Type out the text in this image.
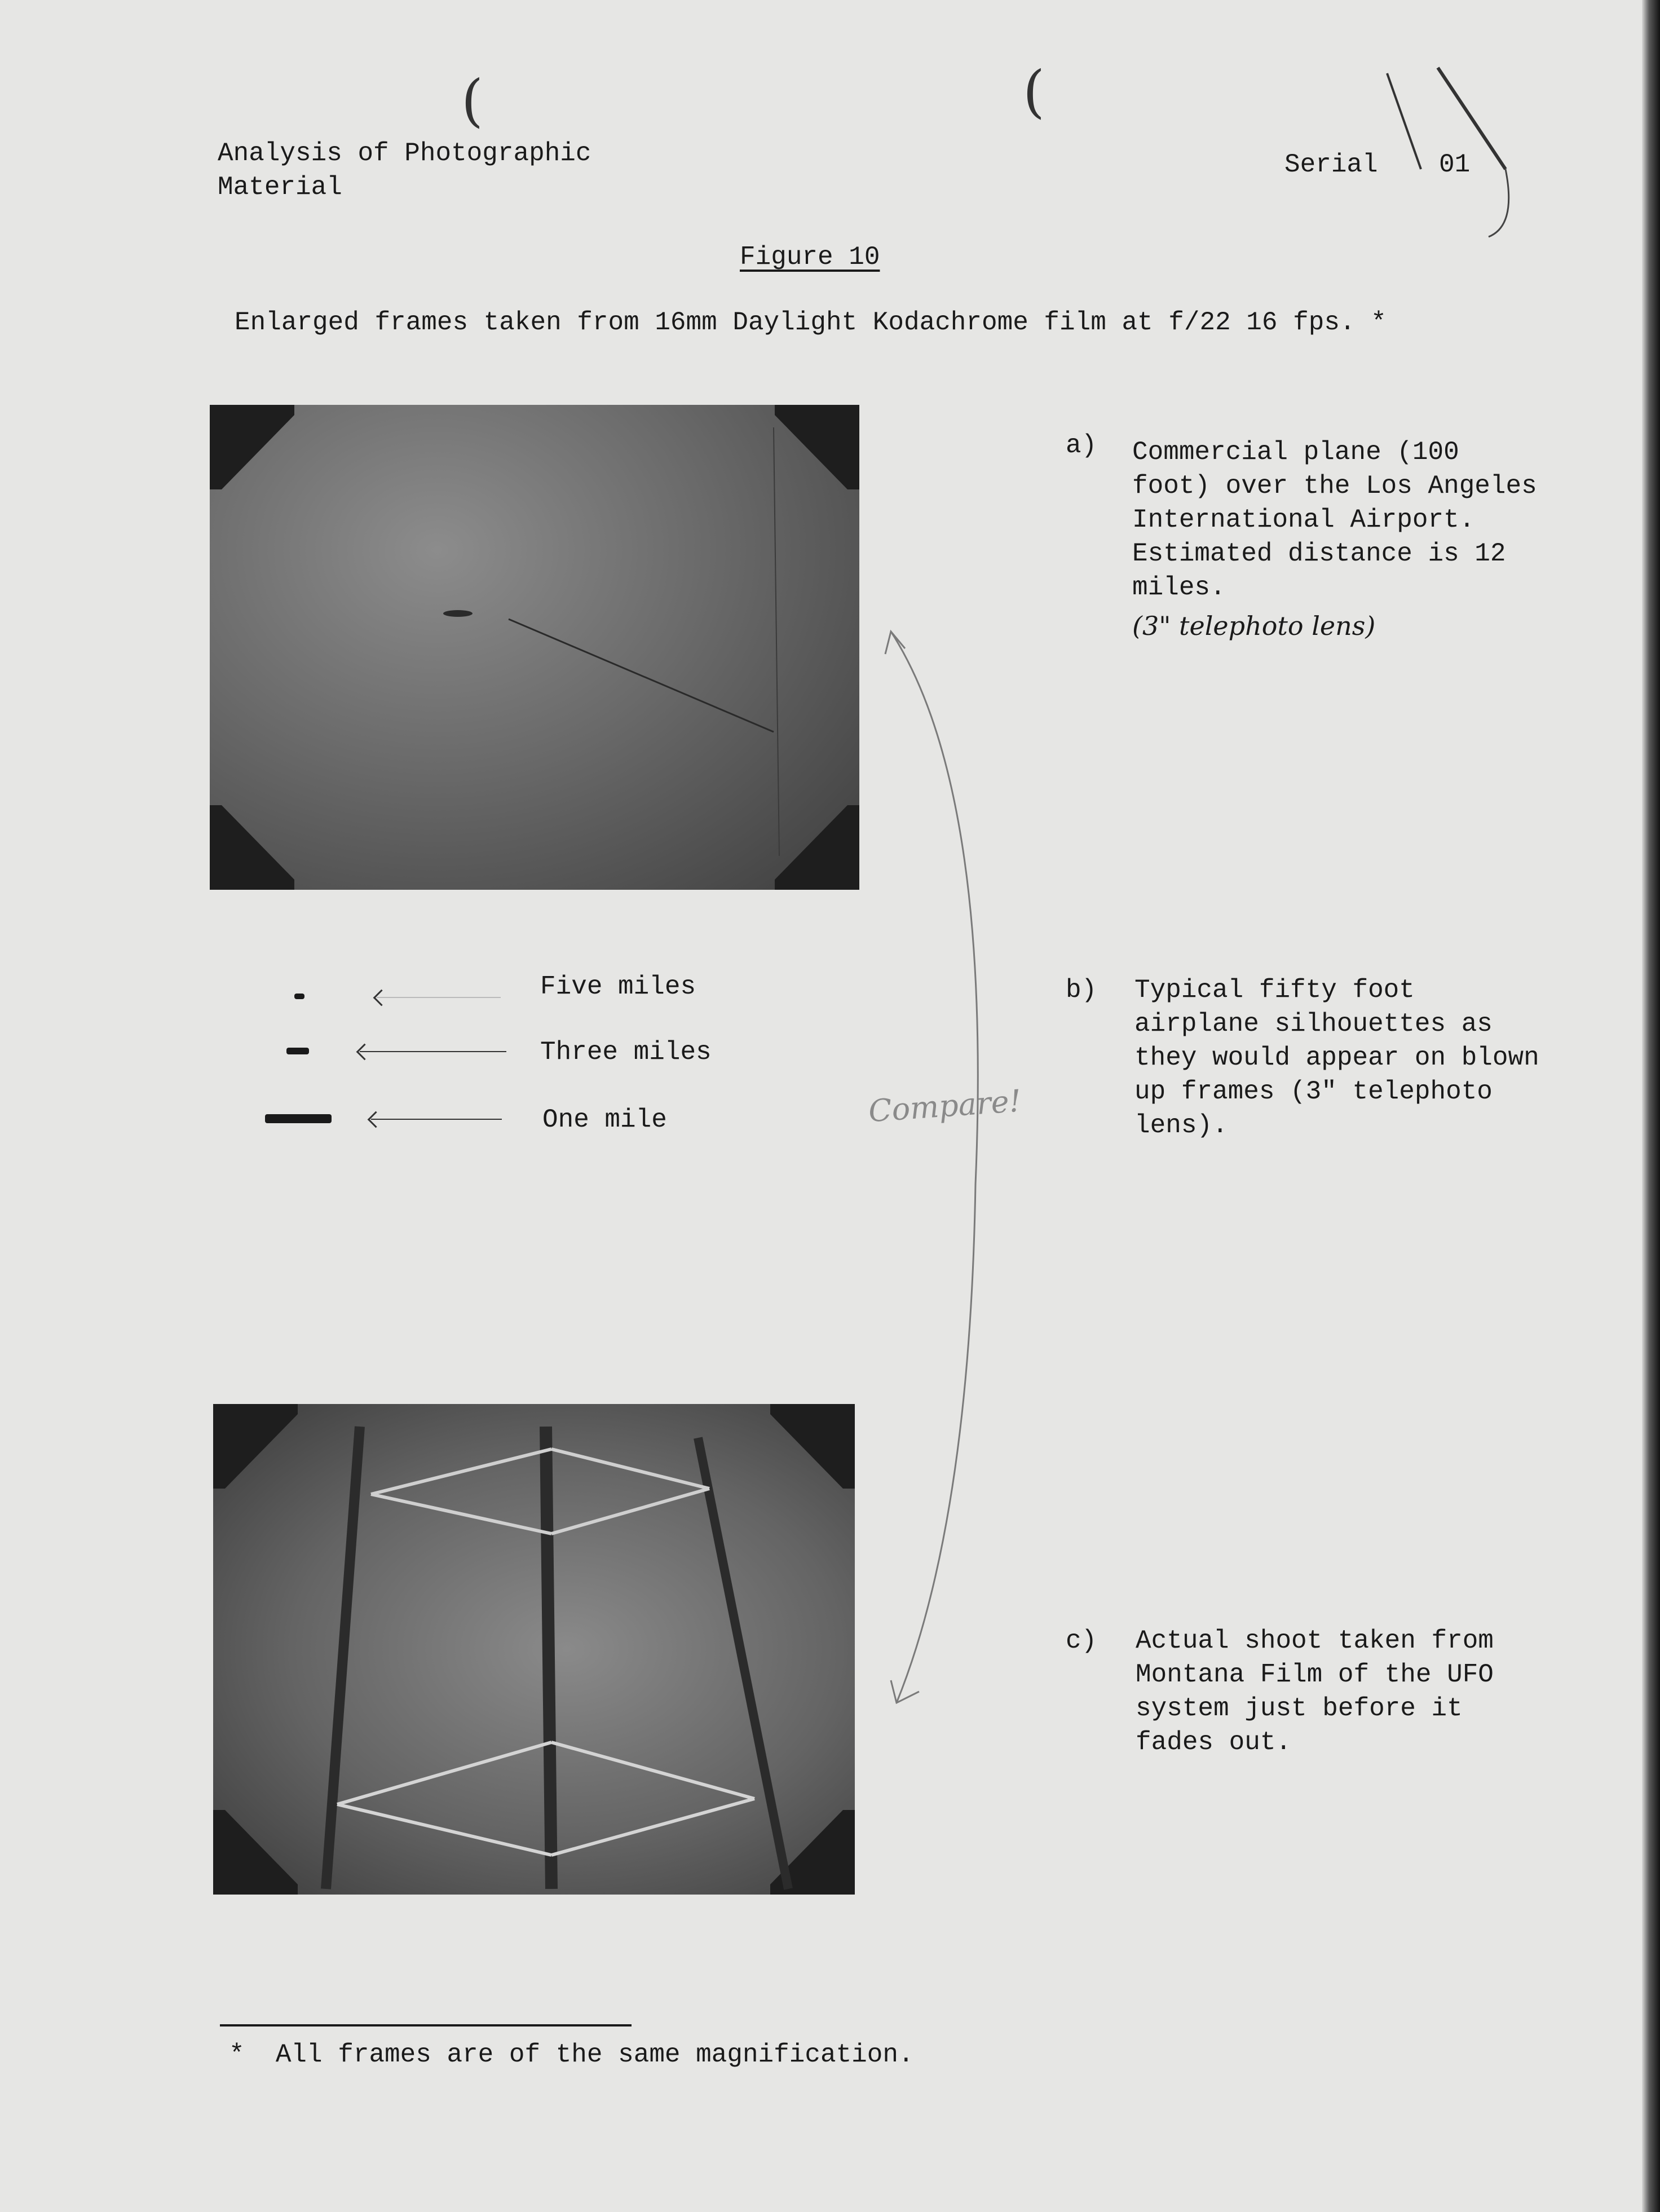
(	(
Analysis of Photographic Material
Serial 01
Figure 10
Enlarged frames taken from 16mm Daylight Kodachrome film at f/22 16 fps. *
a) Commercial plane (100 foot) over the Los Angeles International Airport. Estimated distance is 12 miles.
(3" telephoto lens)
Five miles
Three miles
One mile	Compare!
b) Typical fifty foot airplane silhouettes as they would appear on blown up frames (3" telephoto lens).
c) Actual shoot taken from Montana Film of the UFO system just before it fades out.
*  All frames are of the same magnification.
